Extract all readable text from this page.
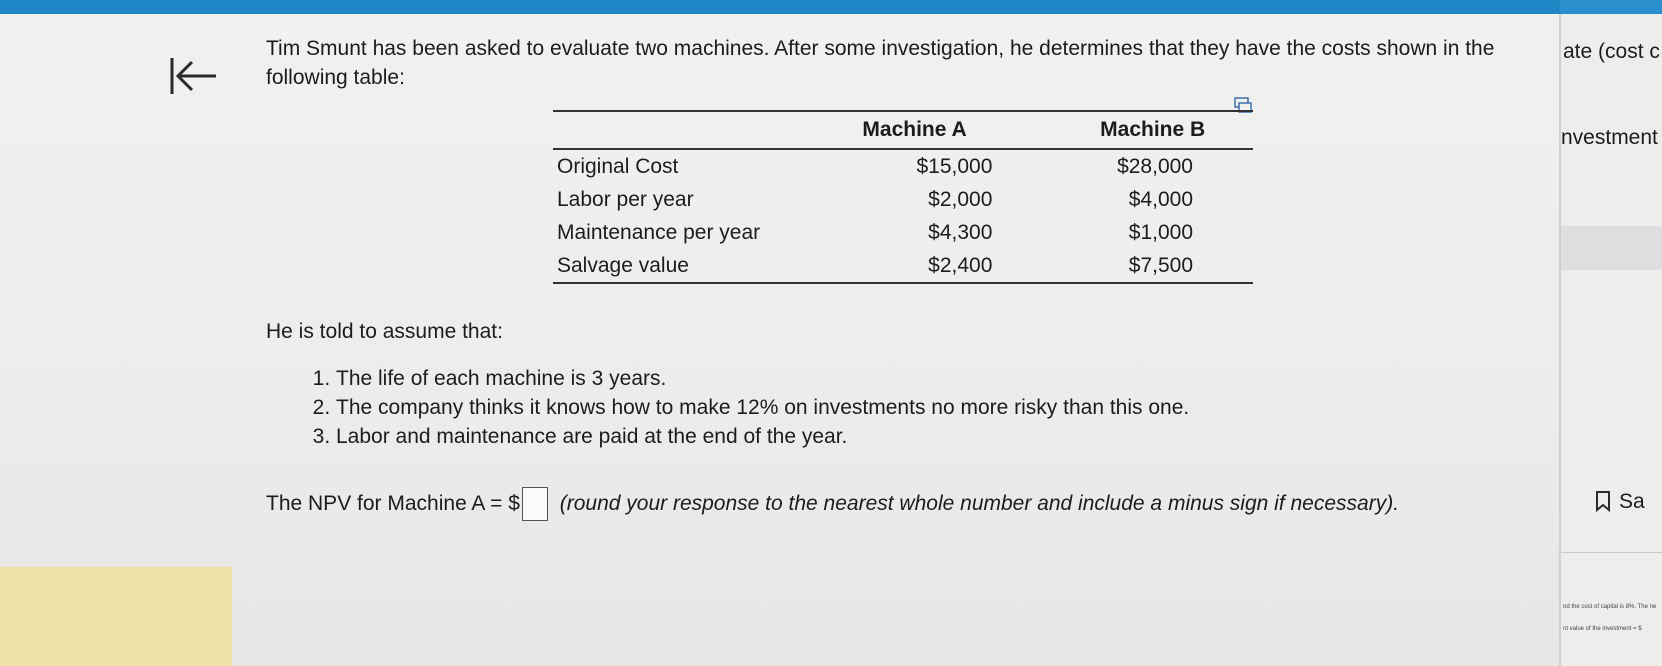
Tim Smunt has been asked to evaluate two machines. After some investigation, he determines that they have the costs shown in the following table:
	Machine A	Machine B
Original Cost	$15,000	$28,000
Labor per year	$2,000	$4,000
Maintenance per year	$4,300	$1,000
Salvage value	$2,400	$7,500
He is told to assume that:
1. The life of each machine is 3 years.
2. The company thinks it knows how to make 12% on investments no more risky than this one.
3. Labor and maintenance are paid at the end of the year.
The NPV for Machine A = $ (round your response to the nearest whole number and include a minus sign if necessary).
ate (cost c
nvestment
Sa
nd the cost of capital is 8%. The ne
nt value of the investment = $
